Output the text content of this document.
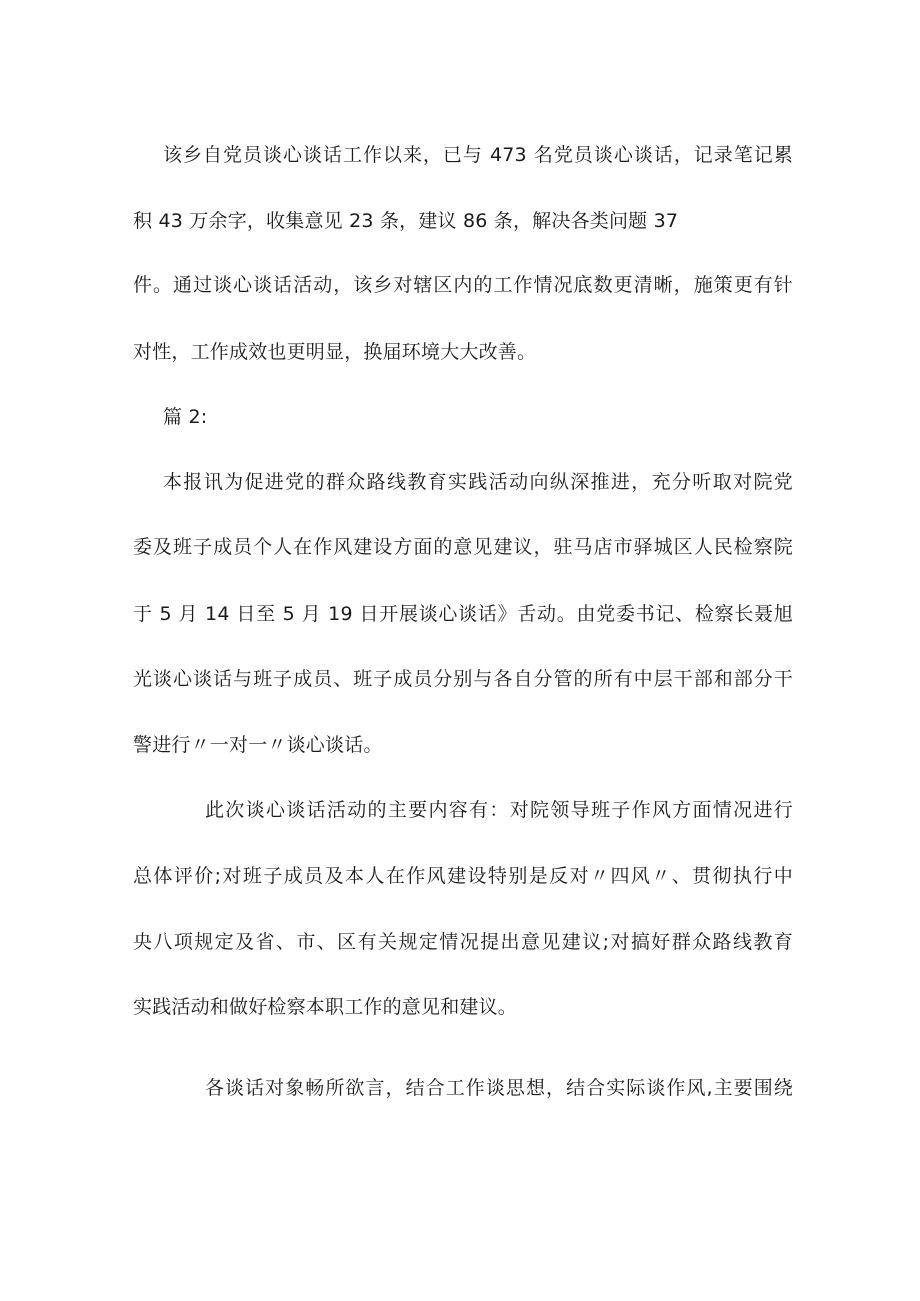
该乡自党员谈心谈话工作以来，已与 473 名党员谈心谈话，记录笔记累
积 43 万余字，收集意见 23 条，建议 86 条，解决各类问题 37
件。通过谈心谈话活动，该乡对辖区内的工作情况底数更清晰，施策更有针
对性，工作成效也更明显，换届环境大大改善。
篇 2:
本报讯为促进党的群众路线教育实践活动向纵深推进，充分听取对院党
委及班子成员个人在作风建设方面的意见建议，驻马店市驿城区人民检察院
于 5 月 14 日至 5 月 19 日开展谈心谈话》舌动。由党委书记、检察长聂旭
光谈心谈话与班子成员、班子成员分别与各自分管的所有中层干部和部分干
警进行〃一对一〃谈心谈话。
此次谈心谈话活动的主要内容有：对院领导班子作风方面情况进行
总体评价;对班子成员及本人在作风建设特别是反对〃四风〃、贯彻执行中
央八项规定及省、市、区有关规定情况提出意见建议;对搞好群众路线教育
实践活动和做好检察本职工作的意见和建议。
各谈话对象畅所欲言，结合工作谈思想，结合实际谈作风,主要围绕
